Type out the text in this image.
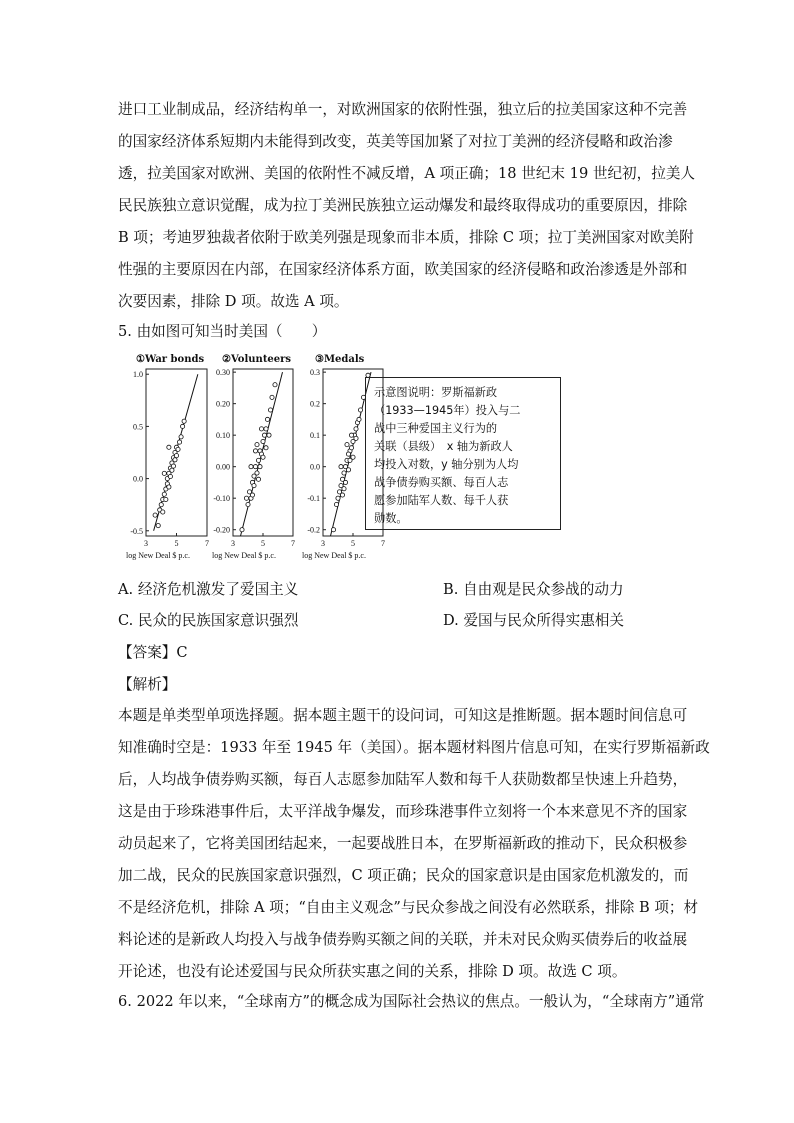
进口工业制成品，经济结构单一，对欧洲国家的依附性强，独立后的拉美国家这种不完善
的国家经济体系短期内未能得到改变，英美等国加紧了对拉丁美洲的经济侵略和政治渗
透，拉美国家对欧洲、美国的依附性不减反增，A 项正确；18 世纪末 19 世纪初，拉美人
民民族独立意识觉醒，成为拉丁美洲民族独立运动爆发和最终取得成功的重要原因，排除
B 项；考迪罗独裁者依附于欧美列强是现象而非本质，排除 C 项；拉丁美洲国家对欧美附
性强的主要原因在内部，在国家经济体系方面，欧美国家的经济侵略和政治渗透是外部和
次要因素，排除 D 项。故选 A 项。
5. 由如图可知当时美国（　　）
1.0
0.5
0.0
-0.5
3	5	7
0.30
0.20
0.10
0.00
-0.10
-0.20
3	5	7
0.3
0.2
0.1
0.0
-0.1
-0.2
3	5	7
①War bonds ②Volunteers ③Medals
log New Deal $ p.c.	log New Deal $ p.c.	log New Deal $ p.c.
示意图说明：罗斯福新政
（1933—1945年）投入与二
战中三种爱国主义行为的
关联（县级）　x 轴为新政人
均投入对数，y 轴分别为人均
战争债券购买额、每百人志
愿参加陆军人数、每千人获
勋数。
A. 经济危机激发了爱国主义	B. 自由观是民众参战的动力
C. 民众的民族国家意识强烈	D. 爱国与民众所得实惠相关
【答案】C
【解析】
本题是单类型单项选择题。据本题主题干的设问词，可知这是推断题。据本题时间信息可
知准确时空是：1933 年至 1945 年（美国）。据本题材料图片信息可知，在实行罗斯福新政
后，人均战争债券购买额，每百人志愿参加陆军人数和每千人获勋数都呈快速上升趋势，
这是由于珍珠港事件后，太平洋战争爆发，而珍珠港事件立刻将一个本来意见不齐的国家
动员起来了，它将美国团结起来，一起要战胜日本，在罗斯福新政的推动下，民众积极参
加二战，民众的民族国家意识强烈，C 项正确；民众的国家意识是由国家危机激发的，而
不是经济危机，排除 A 项；“自由主义观念”与民众参战之间没有必然联系，排除 B 项；材
料论述的是新政人均投入与战争债券购买额之间的关联，并未对民众购买债券后的收益展
开论述，也没有论述爱国与民众所获实惠之间的关系，排除 D 项。故选 C 项。
6. 2022 年以来，“全球南方”的概念成为国际社会热议的焦点。一般认为，“全球南方”通常
